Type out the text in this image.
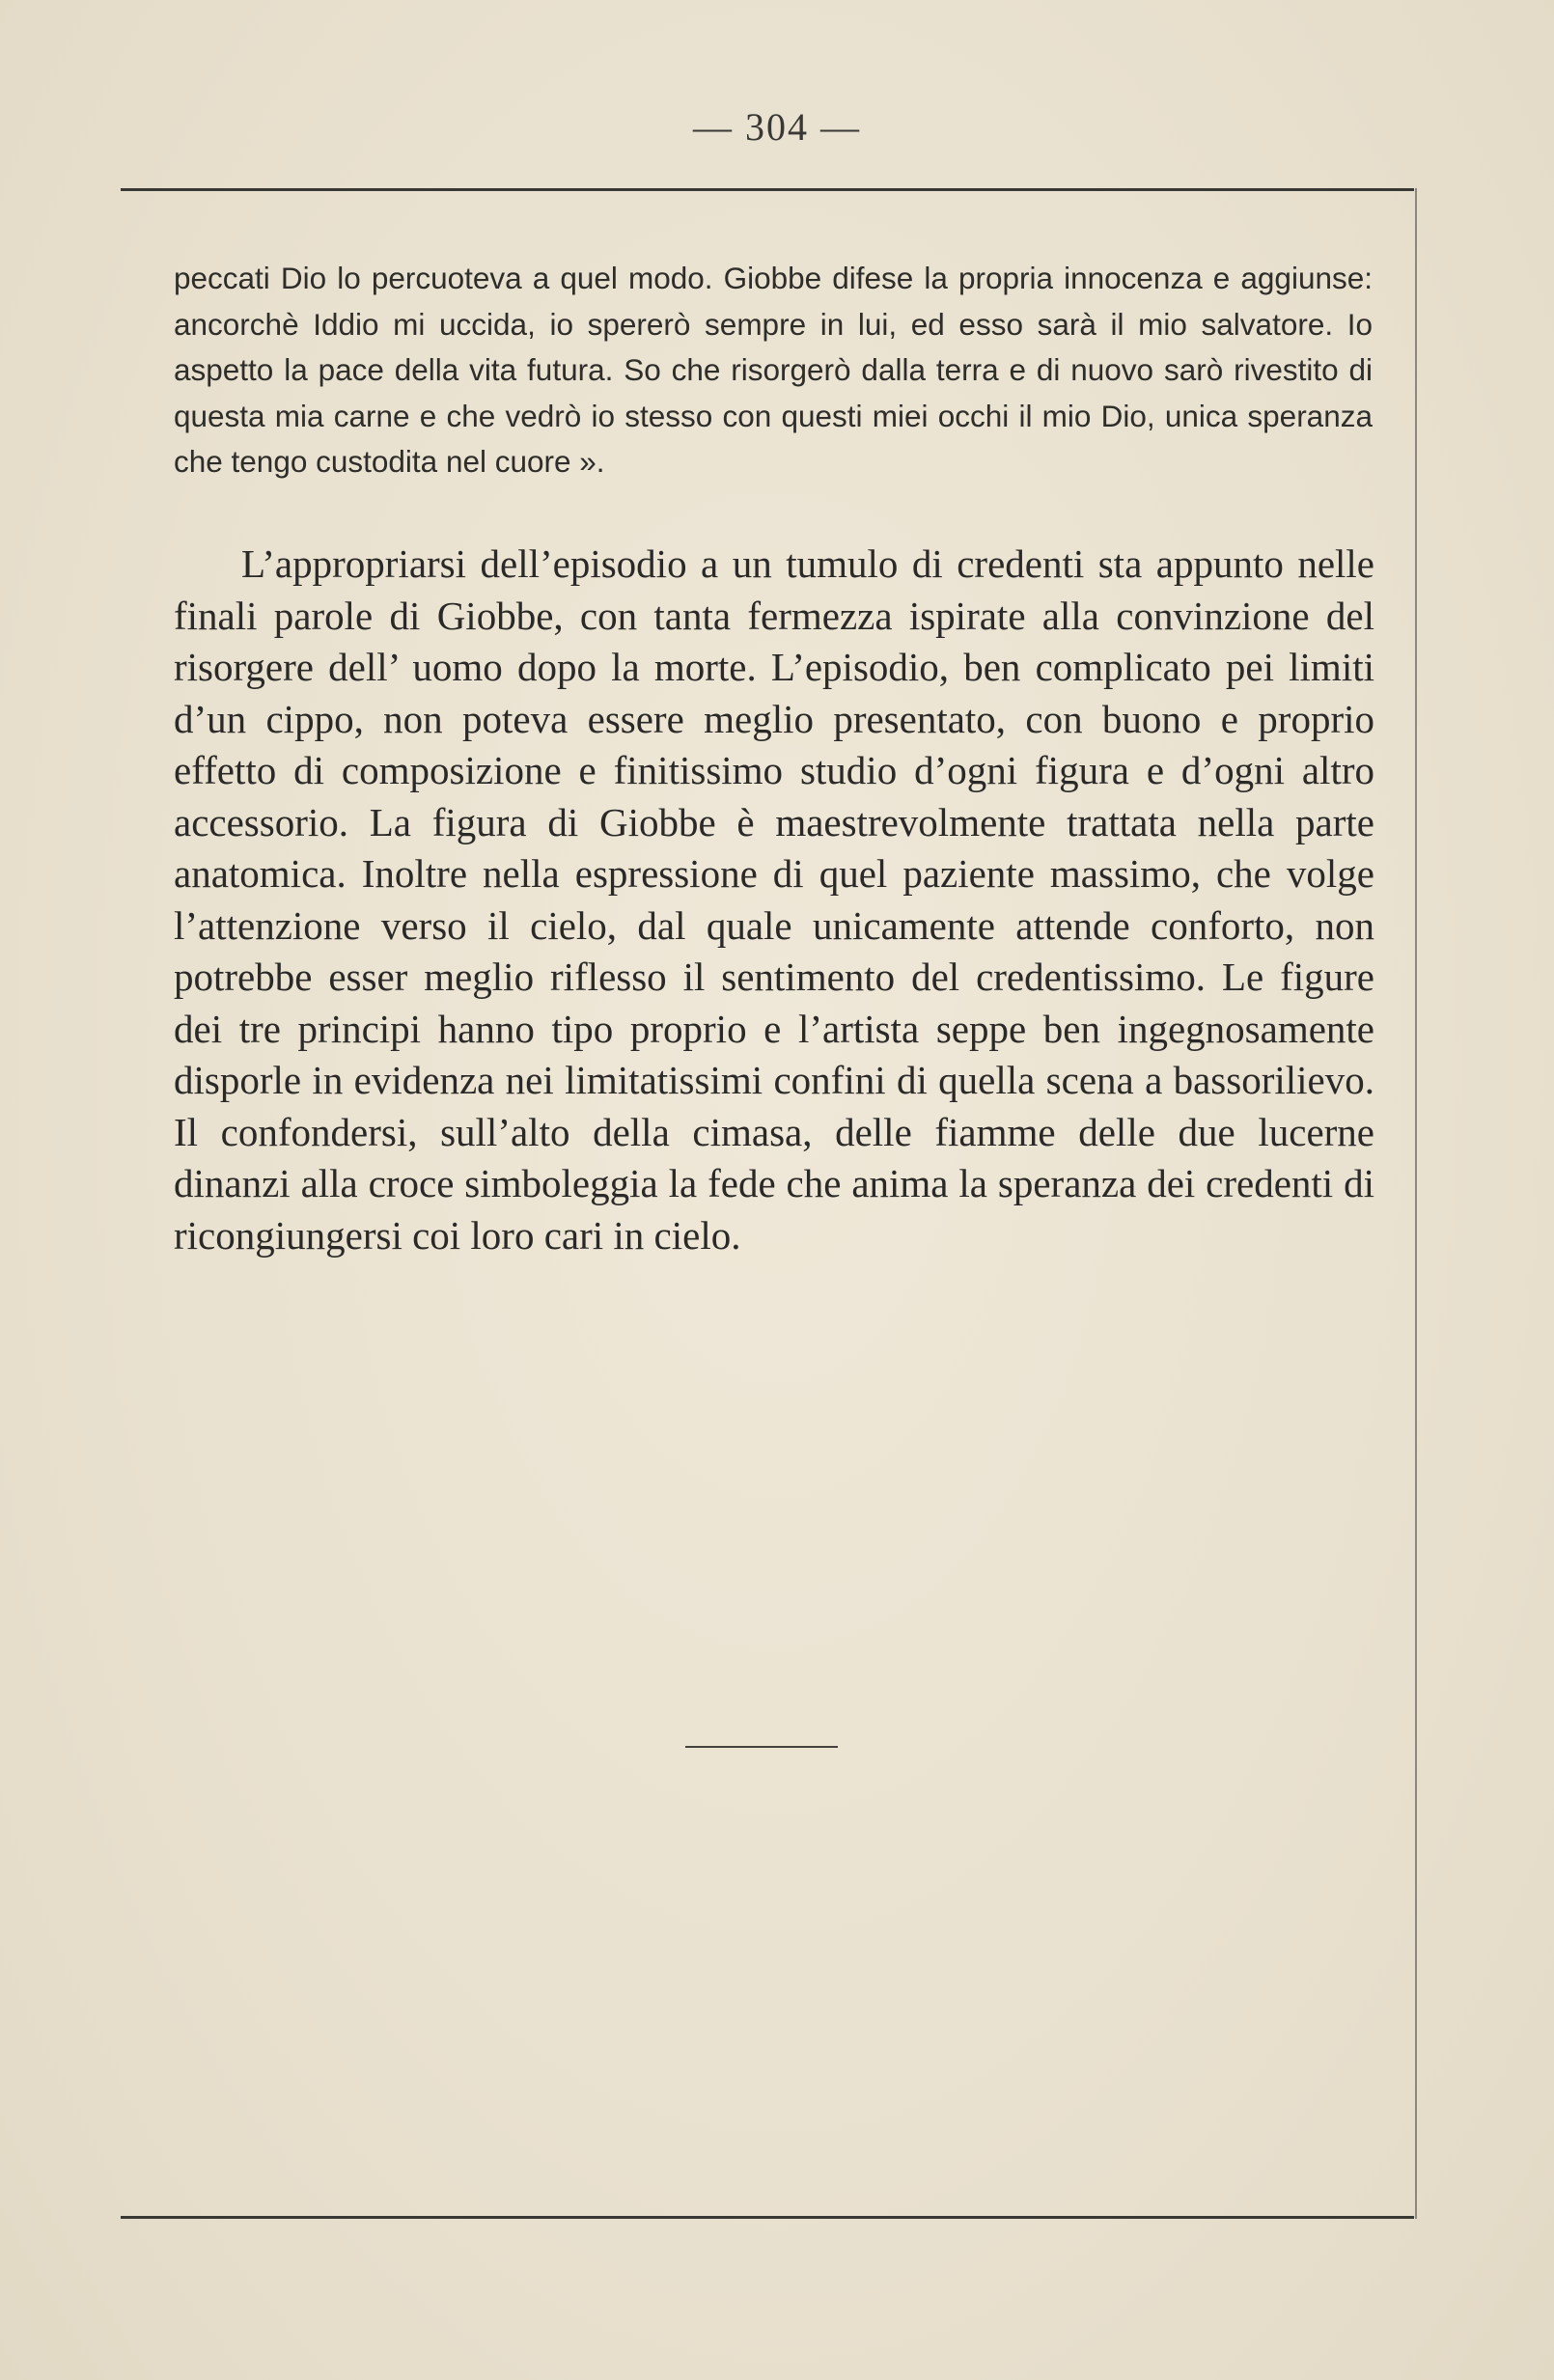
— 304 —

peccati Dio lo percuoteva a quel modo. Giobbe difese la propria innocenza e aggiunse: ancorchè Iddio mi uccida, io spererò sempre in lui, ed esso sarà il mio salvatore. Io aspetto la pace della vita futura. So che risorgerò dalla terra e di nuovo sarò rivestito di questa mia carne e che vedrò io stesso con questi miei occhi il mio Dio, unica speranza che tengo custodita nel cuore ».

L’appropriarsi dell’episodio a un tumulo di credenti sta appunto nelle finali parole di Giobbe, con tanta fermezza ispirate alla convinzione del risorgere dell’ uomo dopo la morte. L’episodio, ben complicato pei limiti d’un cippo, non poteva essere meglio presentato, con buono e proprio effetto di composizione e finitissimo studio d’ogni figura e d’ogni altro accessorio. La figura di Giobbe è maestrevolmente trattata nella parte anatomica. Inoltre nella espressione di quel paziente massimo, che volge l’attenzione verso il cielo, dal quale unicamente attende conforto, non potrebbe esser meglio riflesso il sentimento del credentissimo. Le figure dei tre principi hanno tipo proprio e l’artista seppe ben ingegnosamente disporle in evidenza nei limitatissimi confini di quella scena a bassorilievo. Il confondersi, sull’alto della cimasa, delle fiamme delle due lucerne dinanzi alla croce simboleggia la fede che anima la speranza dei credenti di ricongiungersi coi loro cari in cielo.
